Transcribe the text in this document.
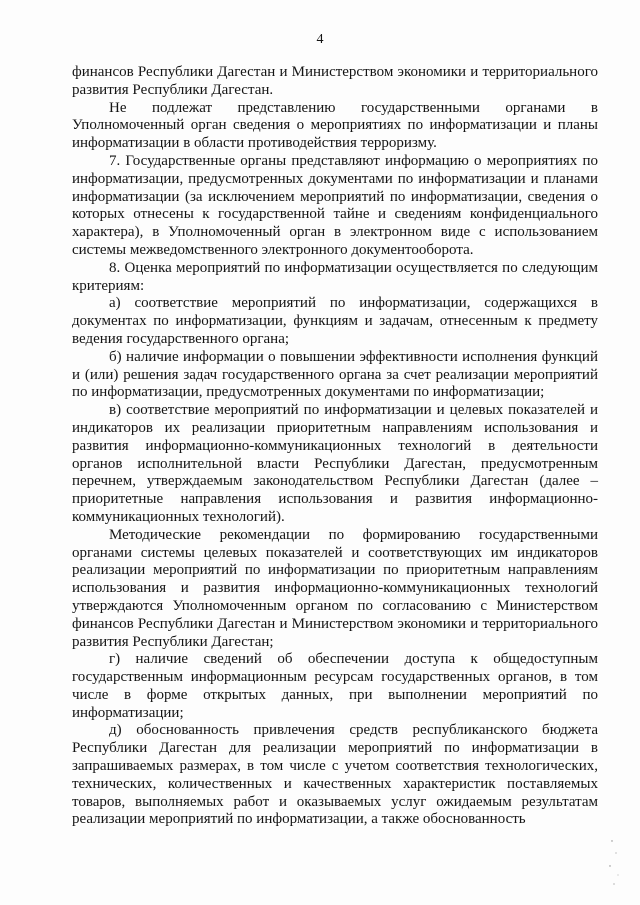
4

финансов Республики Дагестан и Министерством экономики и территориального развития Республики Дагестан.

Не подлежат представлению государственными органами в Уполномоченный орган сведения о мероприятиях по информатизации и планы информатизации в области противодействия терроризму.

7. Государственные органы представляют информацию о мероприятиях по информатизации, предусмотренных документами по информатизации и планами информатизации (за исключением мероприятий по информатизации, сведения о которых отнесены к государственной тайне и сведениям конфиденциального характера), в Уполномоченный орган в электронном виде с использованием системы межведомственного электронного документооборота.

8. Оценка мероприятий по информатизации осуществляется по следующим критериям:

а) соответствие мероприятий по информатизации, содержащихся в документах по информатизации, функциям и задачам, отнесенным к предмету ведения государственного органа;

б) наличие информации о повышении эффективности исполнения функций и (или) решения задач государственного органа за счет реализации мероприятий по информатизации, предусмотренных документами по информатизации;

в) соответствие мероприятий по информатизации и целевых показателей и индикаторов их реализации приоритетным направлениям использования и развития информационно-коммуникационных технологий в деятельности органов исполнительной власти Республики Дагестан, предусмотренным перечнем, утверждаемым законодательством Республики Дагестан (далее – приоритетные направления использования и развития информационно-коммуникационных технологий).

Методические рекомендации по формированию государственными органами системы целевых показателей и соответствующих им индикаторов реализации мероприятий по информатизации по приоритетным направлениям использования и развития информационно-коммуникационных технологий утверждаются Уполномоченным органом по согласованию с Министерством финансов Республики Дагестан и Министерством экономики и территориального развития Республики Дагестан;

г) наличие сведений об обеспечении доступа к общедоступным государственным информационным ресурсам государственных органов, в том числе в форме открытых данных, при выполнении мероприятий по информатизации;

д) обоснованность привлечения средств республиканского бюджета Республики Дагестан для реализации мероприятий по информатизации в запрашиваемых размерах, в том числе с учетом соответствия технологических, технических, количественных и качественных характеристик поставляемых товаров, выполняемых работ и оказываемых услуг ожидаемым результатам реализации мероприятий по информатизации, а также обоснованность
